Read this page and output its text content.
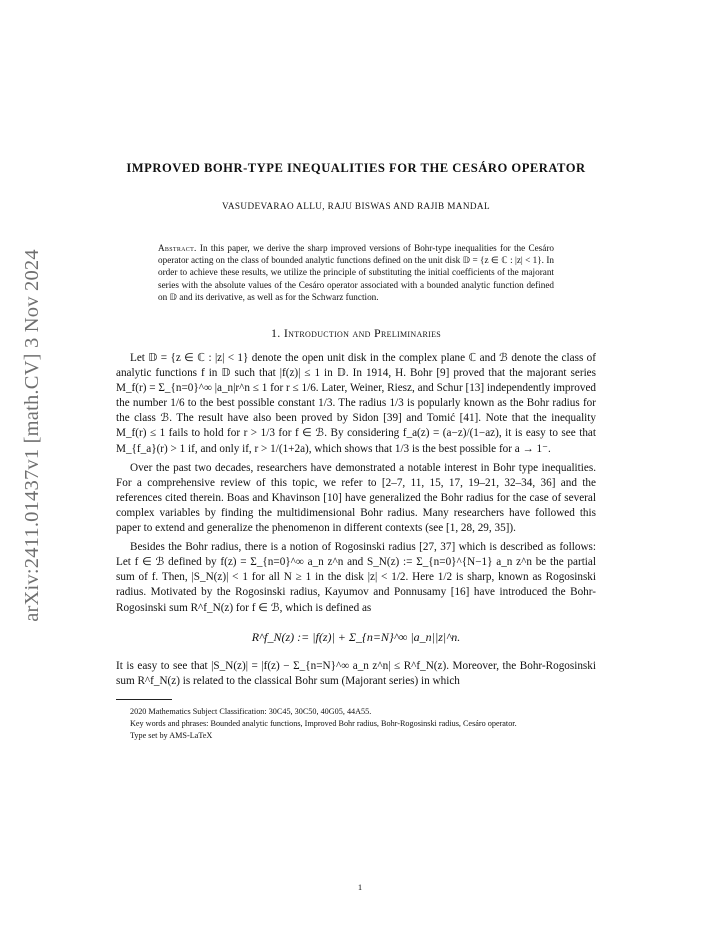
arXiv:2411.01437v1 [math.CV] 3 Nov 2024
IMPROVED BOHR-TYPE INEQUALITIES FOR THE CESÁRO OPERATOR
VASUDEVARAO ALLU, RAJU BISWAS AND RAJIB MANDAL
Abstract. In this paper, we derive the sharp improved versions of Bohr-type inequalities for the Cesáro operator acting on the class of bounded analytic functions defined on the unit disk 𝔻 = {z ∈ ℂ : |z| < 1}. In order to achieve these results, we utilize the principle of substituting the initial coefficients of the majorant series with the absolute values of the Cesáro operator associated with a bounded analytic function defined on 𝔻 and its derivative, as well as for the Schwarz function.
1. Introduction and Preliminaries

Let 𝔻 = {z ∈ ℂ : |z| < 1} denote the open unit disk in the complex plane ℂ and ℬ denote the class of analytic functions f in 𝔻 such that |f(z)| ≤ 1 in 𝔻. In 1914, H. Bohr [9] proved that the majorant series M_f(r) = Σ_{n=0}^∞ |a_n|r^n ≤ 1 for r ≤ 1/6. Later, Weiner, Riesz, and Schur [13] independently improved the number 1/6 to the best possible constant 1/3. The radius 1/3 is popularly known as the Bohr radius for the class ℬ. The result have also been proved by Sidon [39] and Tomić [41]. Note that the inequality M_f(r) ≤ 1 fails to hold for r > 1/3 for f ∈ ℬ. By considering f_a(z) = (a−z)/(1−az), it is easy to see that M_{f_a}(r) > 1 if, and only if, r > 1/(1+2a), which shows that 1/3 is the best possible for a → 1⁻.

Over the past two decades, researchers have demonstrated a notable interest in Bohr type inequalities. For a comprehensive review of this topic, we refer to [2–7, 11, 15, 17, 19–21, 32–34, 36] and the references cited therein. Boas and Khavinson [10] have generalized the Bohr radius for the case of several complex variables by finding the multidimensional Bohr radius. Many researchers have followed this paper to extend and generalize the phenomenon in different contexts (see [1, 28, 29, 35]).

Besides the Bohr radius, there is a notion of Rogosinski radius [27, 37] which is described as follows: Let f ∈ ℬ defined by f(z) = Σ_{n=0}^∞ a_n z^n and S_N(z) := Σ_{n=0}^{N−1} a_n z^n be the partial sum of f. Then, |S_N(z)| < 1 for all N ≥ 1 in the disk |z| < 1/2. Here 1/2 is sharp, known as Rogosinski radius. Motivated by the Rogosinski radius, Kayumov and Ponnusamy [16] have introduced the Bohr-Rogosinski sum R^f_N(z) for f ∈ ℬ, which is defined as

R^f_N(z) := |f(z)| + Σ_{n=N}^∞ |a_n||z|^n.

It is easy to see that |S_N(z)| = |f(z) − Σ_{n=N}^∞ a_n z^n| ≤ R^f_N(z). Moreover, the Bohr-Rogosinski sum R^f_N(z) is related to the classical Bohr sum (Majorant series) in which

2020 Mathematics Subject Classification: 30C45, 30C50, 40G05, 44A55.

Key words and phrases: Bounded analytic functions, Improved Bohr radius, Bohr-Rogosinski radius, Cesáro operator.

Type set by AMS-LaTeX

1
